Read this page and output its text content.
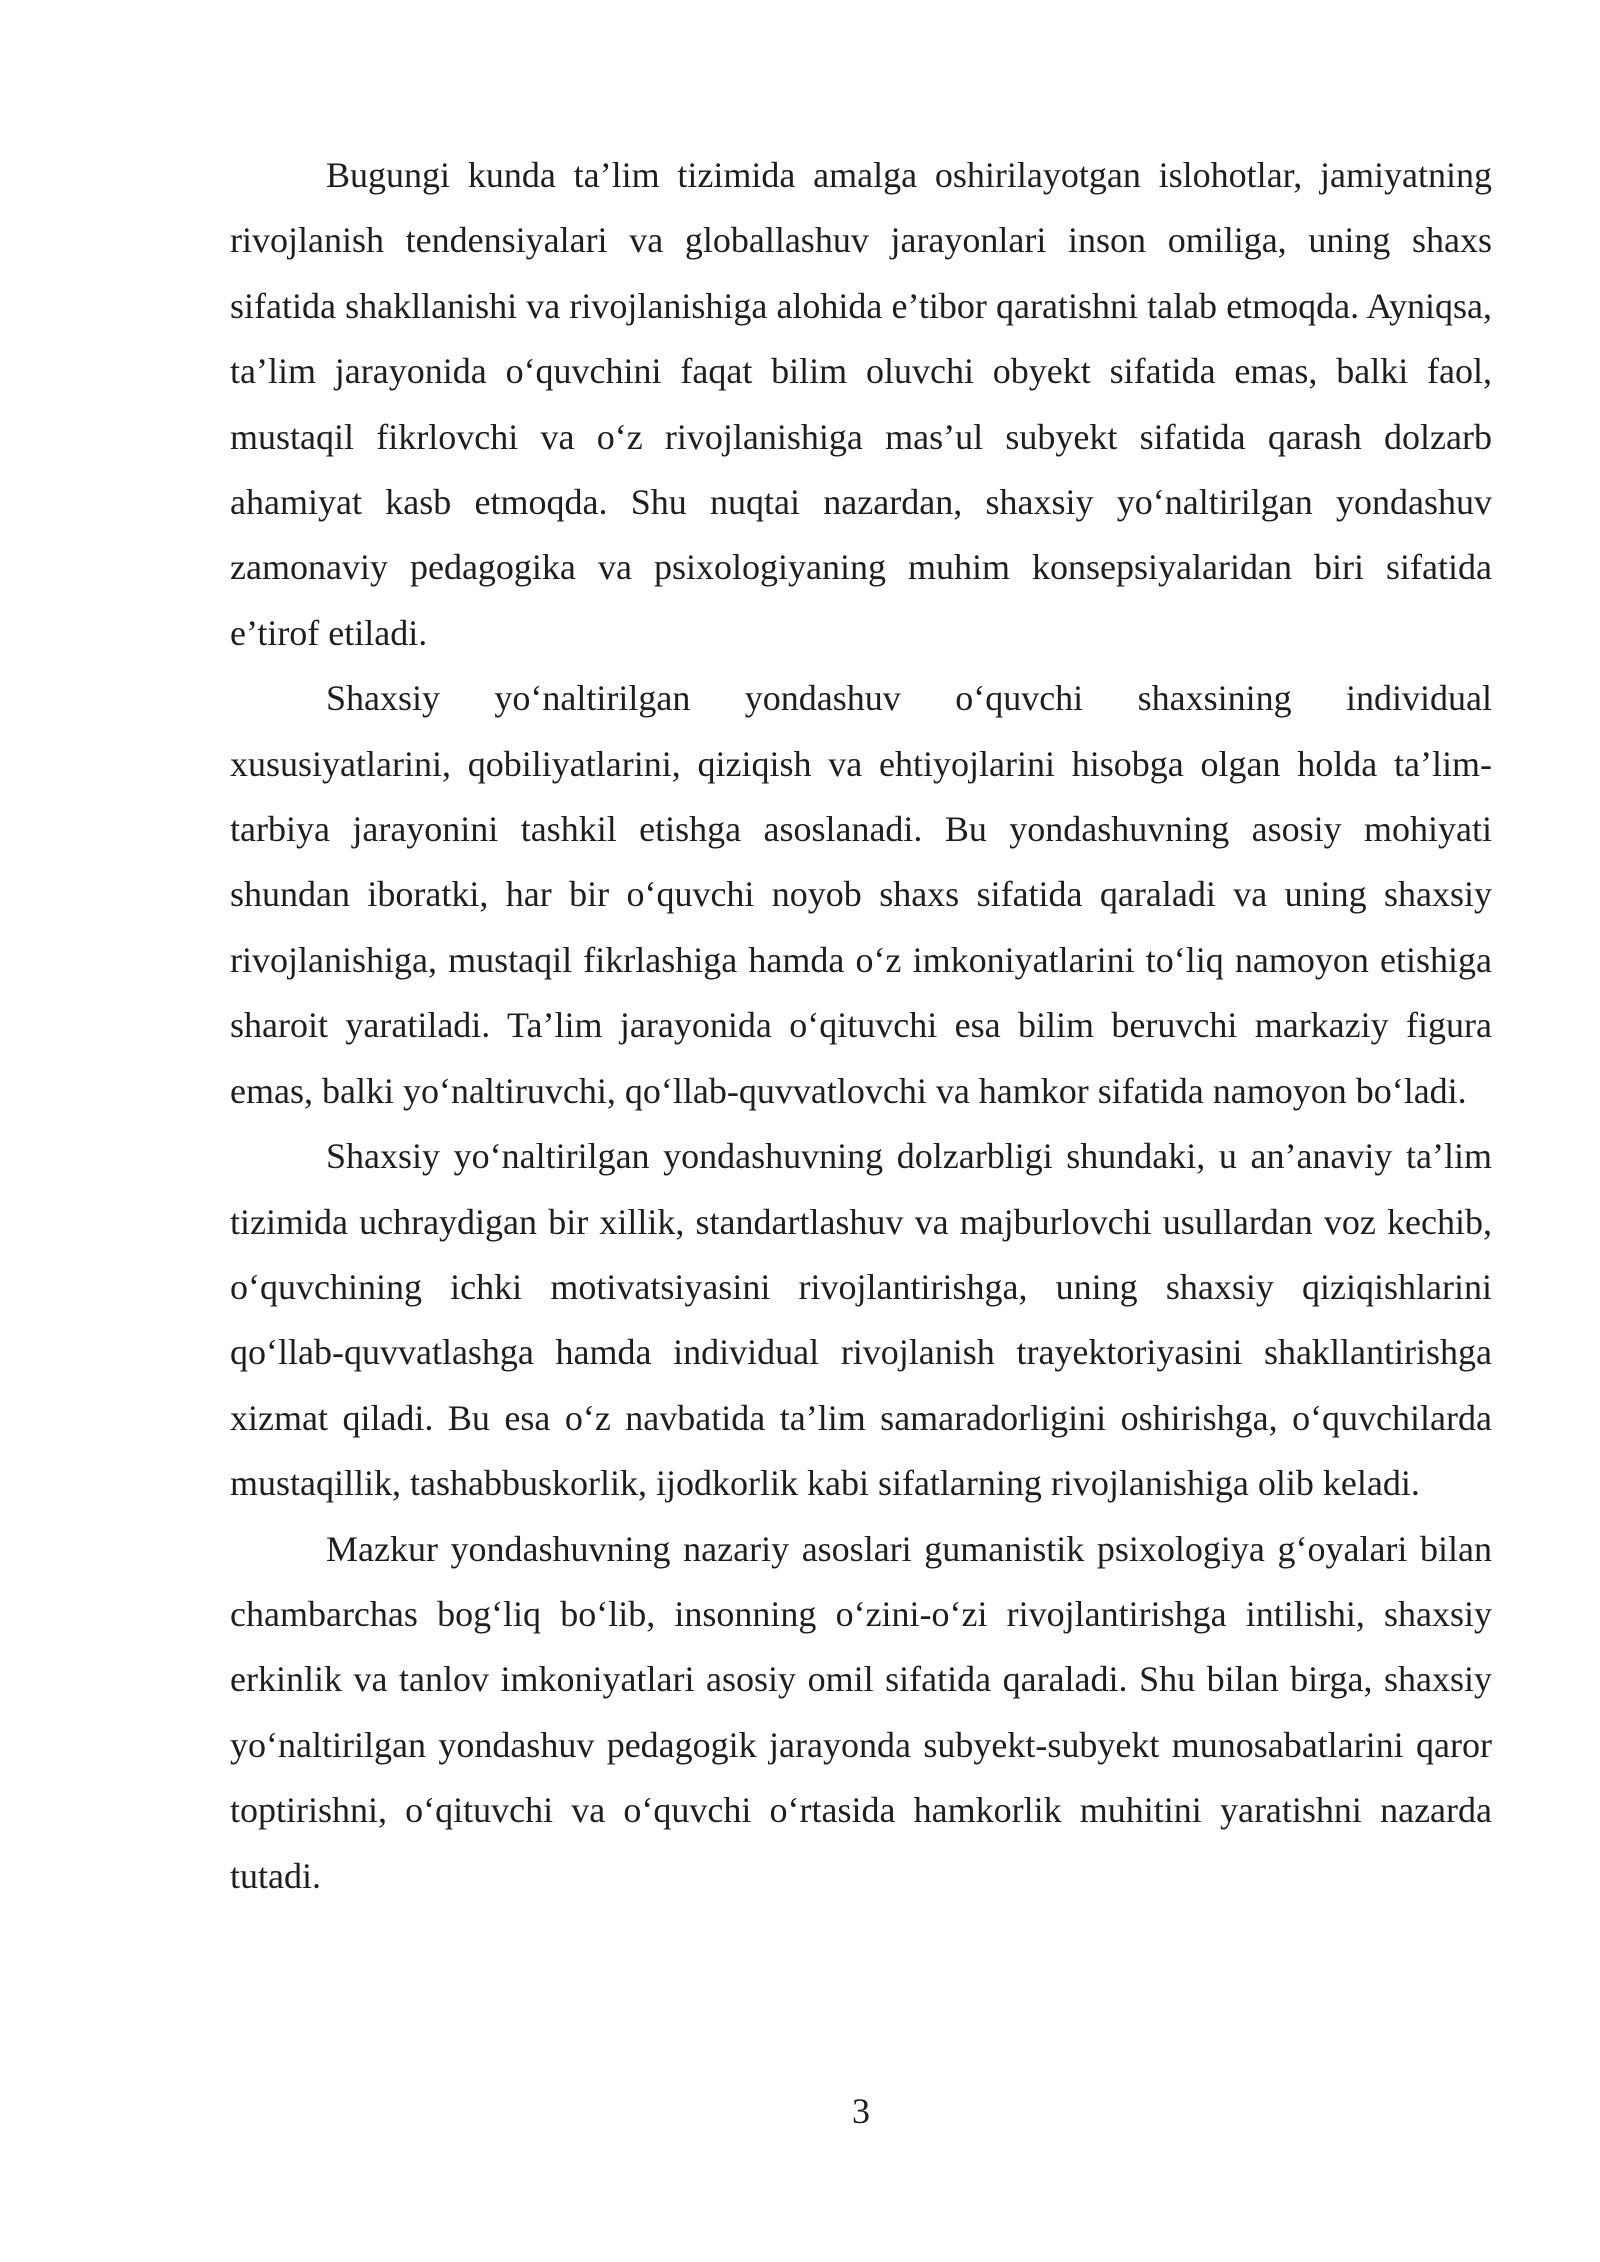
Bugungi kunda ta’lim tizimida amalga oshirilayotgan islohotlar, jamiyatning rivojlanish tendensiyalari va globallashuv jarayonlari inson omiliga, uning shaxs sifatida shakllanishi va rivojlanishiga alohida e’tibor qaratishni talab etmoqda. Ayniqsa, ta’lim jarayonida o‘quvchini faqat bilim oluvchi obyekt sifatida emas, balki faol, mustaqil fikrlovchi va o‘z rivojlanishiga mas’ul subyekt sifatida qarash dolzarb ahamiyat kasb etmoqda. Shu nuqtai nazardan, shaxsiy yo‘naltirilgan yondashuv zamonaviy pedagogika va psixologiyaning muhim konsepsiyalaridan biri sifatida e’tirof etiladi.

Shaxsiy yo‘naltirilgan yondashuv o‘quvchi shaxsining individual xususiyatlarini, qobiliyatlarini, qiziqish va ehtiyojlarini hisobga olgan holda ta’lim-tarbiya jarayonini tashkil etishga asoslanadi. Bu yondashuvning asosiy mohiyati shundan iboratki, har bir o‘quvchi noyob shaxs sifatida qaraladi va uning shaxsiy rivojlanishiga, mustaqil fikrlashiga hamda o‘z imkoniyatlarini to‘liq namoyon etishiga sharoit yaratiladi. Ta’lim jarayonida o‘qituvchi esa bilim beruvchi markaziy figura emas, balki yo‘naltiruvchi, qo‘llab-quvvatlovchi va hamkor sifatida namoyon bo‘ladi.

Shaxsiy yo‘naltirilgan yondashuvning dolzarbligi shundaki, u an’anaviy ta’lim tizimida uchraydigan bir xillik, standartlashuv va majburlovchi usullardan voz kechib, o‘quvchining ichki motivatsiyasini rivojlantirishga, uning shaxsiy qiziqishlarini qo‘llab-quvvatlashga hamda individual rivojlanish trayektoriyasini shakllantirishga xizmat qiladi. Bu esa o‘z navbatida ta’lim samaradorligini oshirishga, o‘quvchilarda mustaqillik, tashabbuskorlik, ijodkorlik kabi sifatlarning rivojlanishiga olib keladi.

Mazkur yondashuvning nazariy asoslari gumanistik psixologiya g‘oyalari bilan chambarchas bog‘liq bo‘lib, insonning o‘zini-o‘zi rivojlantirishga intilishi, shaxsiy erkinlik va tanlov imkoniyatlari asosiy omil sifatida qaraladi. Shu bilan birga, shaxsiy yo‘naltirilgan yondashuv pedagogik jarayonda subyekt-subyekt munosabatlarini qaror toptirishni, o‘qituvchi va o‘quvchi o‘rtasida hamkorlik muhitini yaratishni nazarda tutadi.

3
